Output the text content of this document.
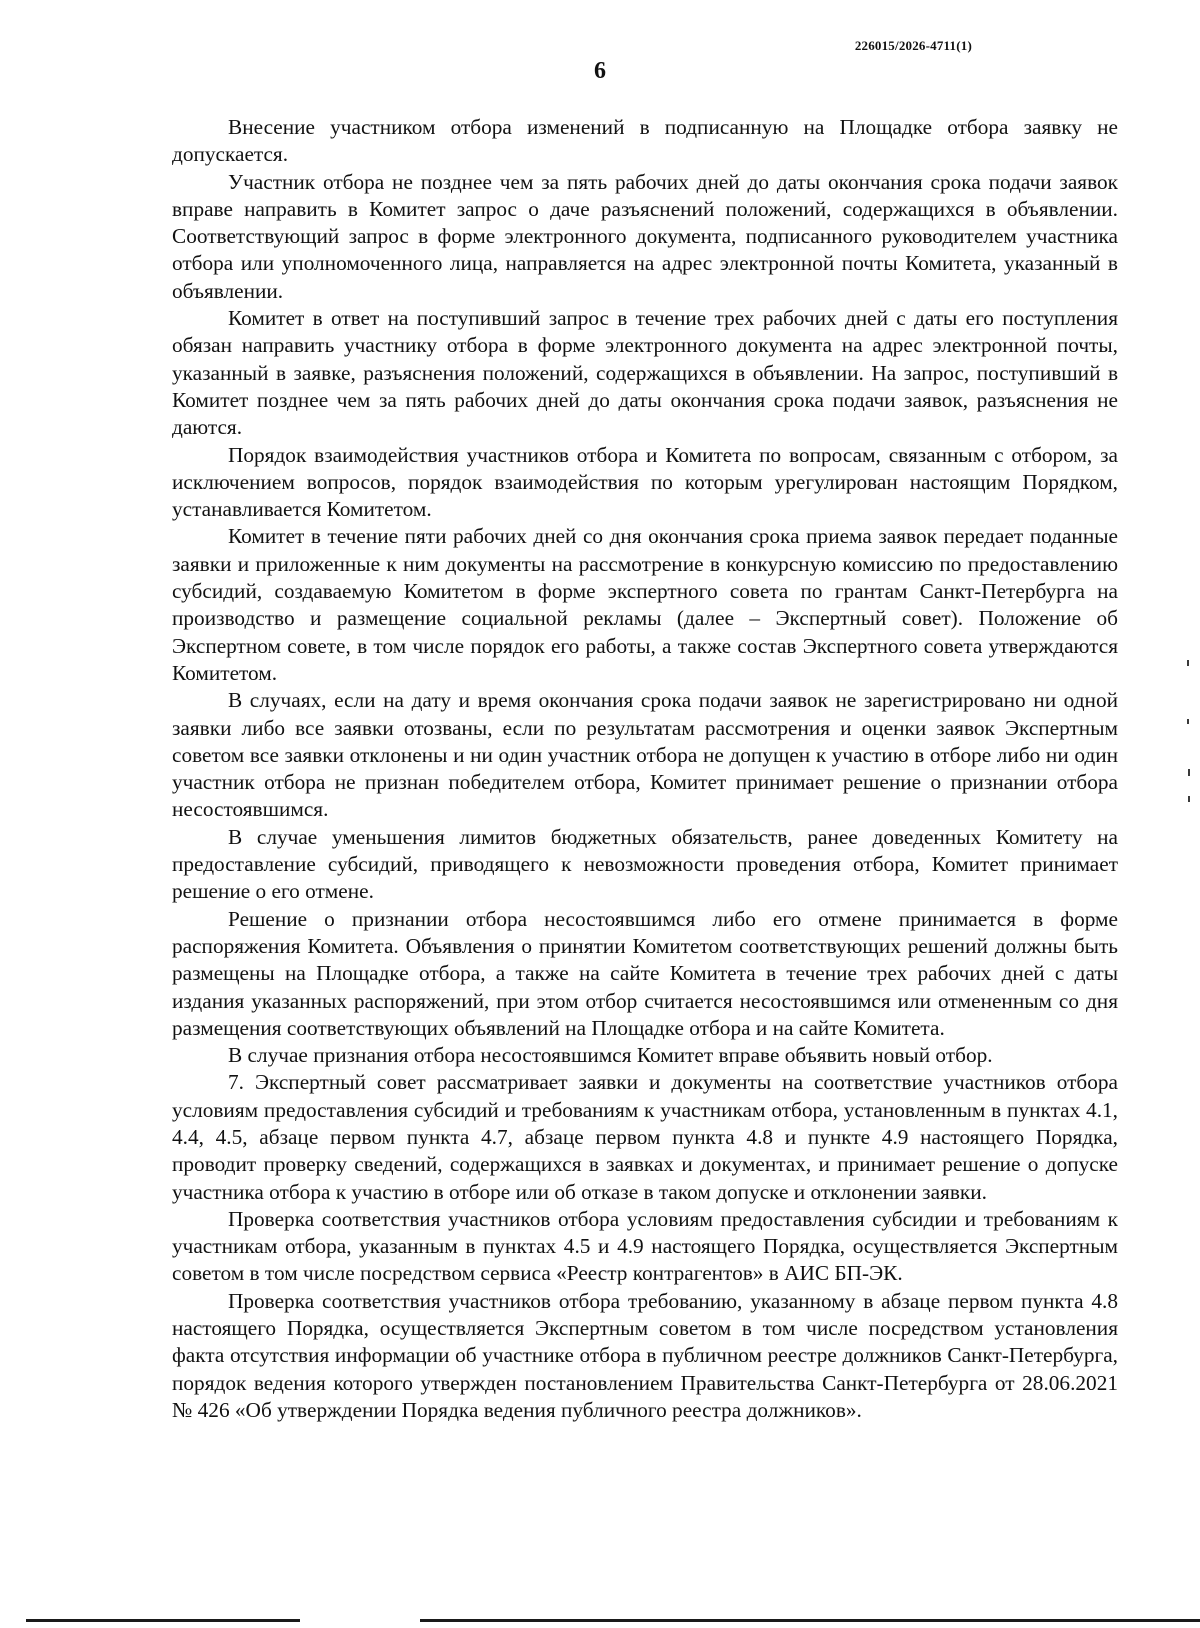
226015/2026-4711(1)
6

Внесение участником отбора изменений в подписанную на Площадке отбора заявку не допускается.

Участник отбора не позднее чем за пять рабочих дней до даты окончания срока подачи заявок вправе направить в Комитет запрос о даче разъяснений положений, содержащихся в объявлении. Соответствующий запрос в форме электронного документа, подписанного руководителем участника отбора или уполномоченного лица, направляется на адрес электронной почты Комитета, указанный в объявлении.

Комитет в ответ на поступивший запрос в течение трех рабочих дней с даты его поступления обязан направить участнику отбора в форме электронного документа на адрес электронной почты, указанный в заявке, разъяснения положений, содержащихся в объявлении. На запрос, поступивший в Комитет позднее чем за пять рабочих дней до даты окончания срока подачи заявок, разъяснения не даются.

Порядок взаимодействия участников отбора и Комитета по вопросам, связанным с отбором, за исключением вопросов, порядок взаимодействия по которым урегулирован настоящим Порядком, устанавливается Комитетом.

Комитет в течение пяти рабочих дней со дня окончания срока приема заявок передает поданные заявки и приложенные к ним документы на рассмотрение в конкурсную комиссию по предоставлению субсидий, создаваемую Комитетом в форме экспертного совета по грантам Санкт-Петербурга на производство и размещение социальной рекламы (далее – Экспертный совет). Положение об Экспертном совете, в том числе порядок его работы, а также состав Экспертного совета утверждаются Комитетом.

В случаях, если на дату и время окончания срока подачи заявок не зарегистрировано ни одной заявки либо все заявки отозваны, если по результатам рассмотрения и оценки заявок Экспертным советом все заявки отклонены и ни один участник отбора не допущен к участию в отборе либо ни один участник отбора не признан победителем отбора, Комитет принимает решение о признании отбора несостоявшимся.

В случае уменьшения лимитов бюджетных обязательств, ранее доведенных Комитету на предоставление субсидий, приводящего к невозможности проведения отбора, Комитет принимает решение о его отмене.

Решение о признании отбора несостоявшимся либо его отмене принимается в форме распоряжения Комитета. Объявления о принятии Комитетом соответствующих решений должны быть размещены на Площадке отбора, а также на сайте Комитета в течение трех рабочих дней с даты издания указанных распоряжений, при этом отбор считается несостоявшимся или отмененным со дня размещения соответствующих объявлений на Площадке отбора и на сайте Комитета.

В случае признания отбора несостоявшимся Комитет вправе объявить новый отбор.

7. Экспертный совет рассматривает заявки и документы на соответствие участников отбора условиям предоставления субсидий и требованиям к участникам отбора, установленным в пунктах 4.1, 4.4, 4.5, абзаце первом пункта 4.7, абзаце первом пункта 4.8 и пункте 4.9 настоящего Порядка, проводит проверку сведений, содержащихся в заявках и документах, и принимает решение о допуске участника отбора к участию в отборе или об отказе в таком допуске и отклонении заявки.

Проверка соответствия участников отбора условиям предоставления субсидии и требованиям к участникам отбора, указанным в пунктах 4.5 и 4.9 настоящего Порядка, осуществляется Экспертным советом в том числе посредством сервиса «Реестр контрагентов» в АИС БП-ЭК.

Проверка соответствия участников отбора требованию, указанному в абзаце первом пункта 4.8 настоящего Порядка, осуществляется Экспертным советом в том числе посредством установления факта отсутствия информации об участнике отбора в публичном реестре должников Санкт-Петербурга, порядок ведения которого утвержден постановлением Правительства Санкт-Петербурга от 28.06.2021 № 426 «Об утверждении Порядка ведения публичного реестра должников».
